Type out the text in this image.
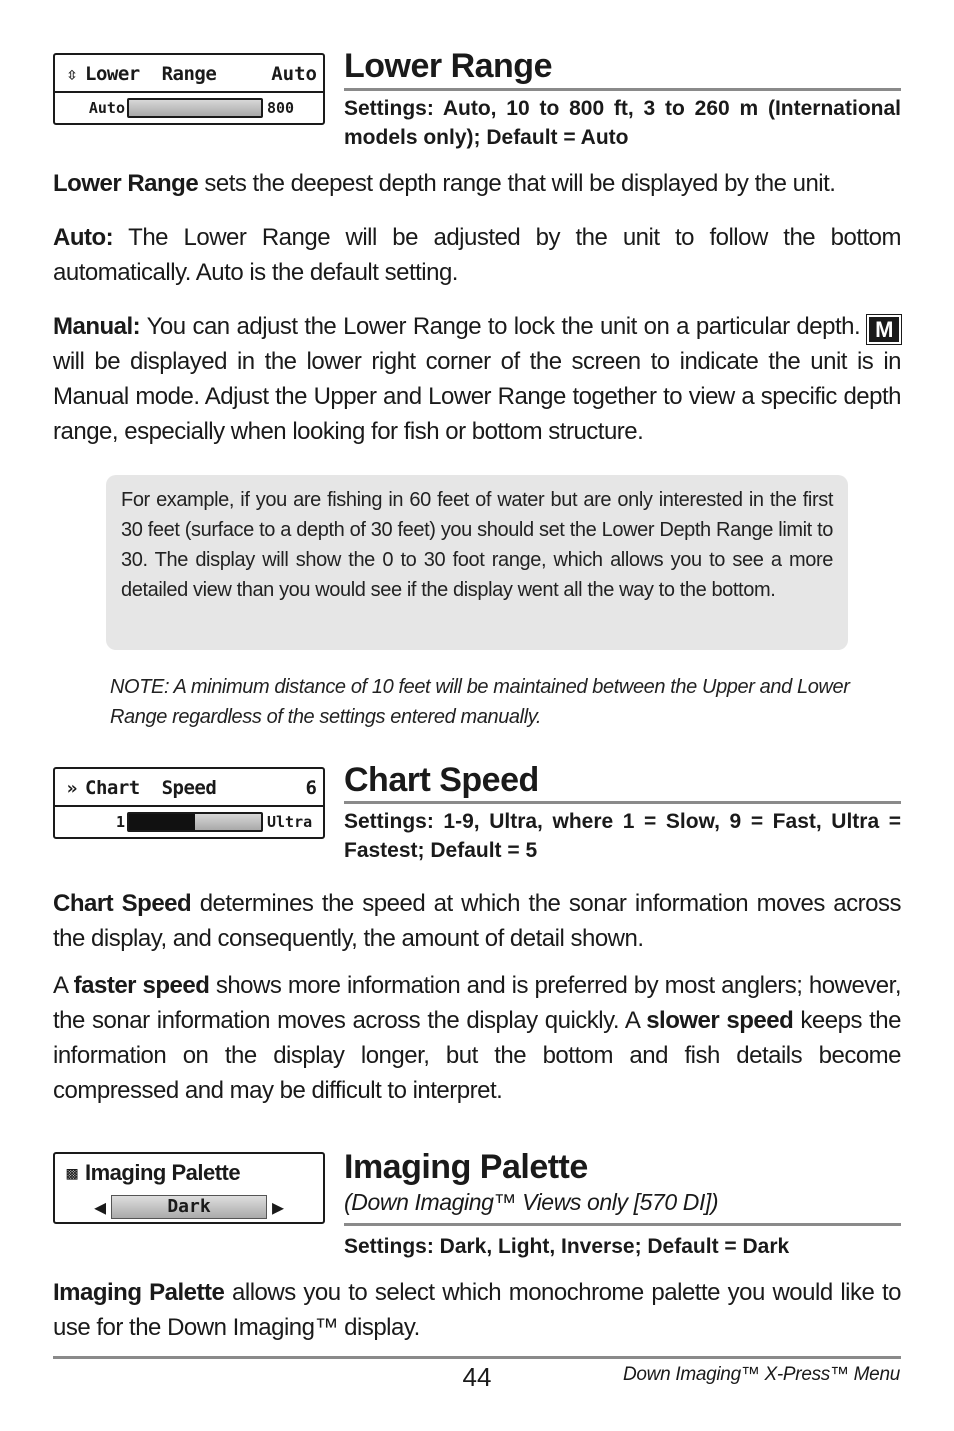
⇳ Lower  Range	Auto
Auto	800
Lower Range
Settings: Auto, 10 to 800 ft, 3 to 260 m (International models only); Default = Auto
Lower Range sets the deepest depth range that will be displayed by the unit.
Auto: The Lower Range will be adjusted by the unit to follow the bottom automatically. Auto is the default setting.
Manual: You can adjust the Lower Range to lock the unit on a particular depth. M will be displayed in the lower right corner of the screen to indicate the unit is in Manual mode. Adjust the Upper and Lower Range together to view a specific depth range, especially when looking for fish or bottom structure.
For example, if you are fishing in 60 feet of water but are only interested in the first 30 feet (surface to a depth of 30 feet) you should set the Lower Depth Range limit to 30. The display will show the 0 to 30 foot range, which allows you to see a more detailed view than you would see if the display went all the way to the bottom.
NOTE: A minimum distance of 10 feet will be maintained between the Upper and Lower Range regardless of the settings entered manually.
» Chart  Speed	6
1	Ultra
Chart Speed
Settings: 1-9, Ultra, where 1 = Slow, 9 = Fast, Ultra = Fastest; Default = 5
Chart Speed determines the speed at which the sonar information moves across the display, and consequently, the amount of detail shown.
A faster speed shows more information and is preferred by most anglers; however, the sonar information moves across the display quickly. A slower speed keeps the information on the display longer, but the bottom and fish details become compressed and may be difficult to interpret.
▩ Imaging Palette
◀	Dark	▶
Imaging Palette
(Down Imaging™ Views only [570 DI])
Settings: Dark, Light, Inverse; Default = Dark
Imaging Palette allows you to select which monochrome palette you would like to use for the Down Imaging™ display.
44	Down Imaging™ X-Press™ Menu
